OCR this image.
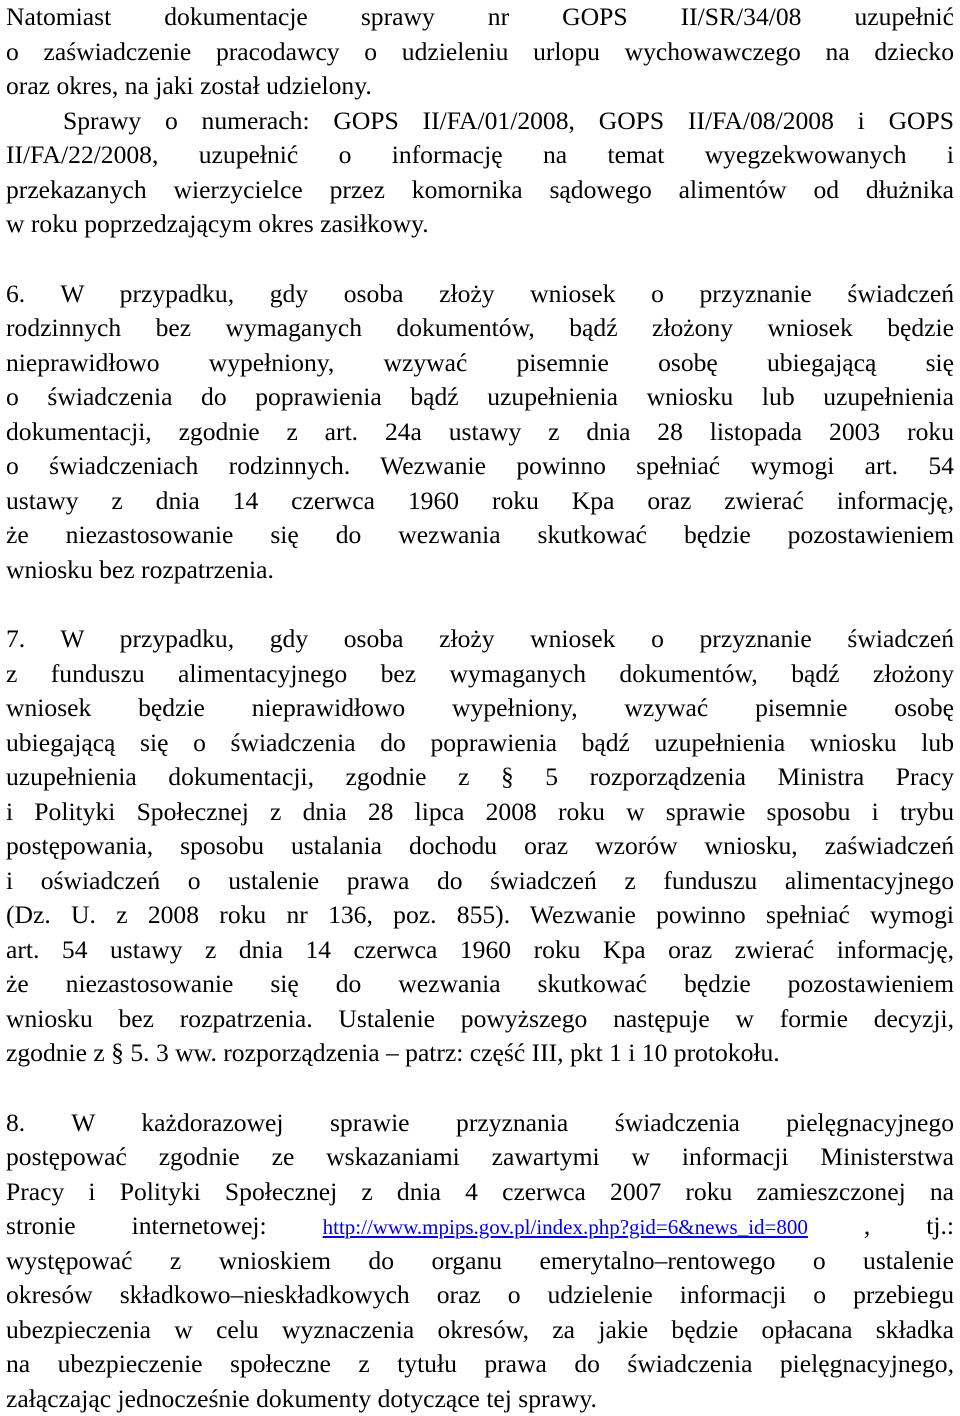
Natomiast dokumentacje sprawy nr GOPS II/SR/34/08 uzupełnić
o zaświadczenie pracodawcy o udzieleniu urlopu wychowawczego na dziecko
oraz okres, na jaki został udzielony.
Sprawy o numerach: GOPS II/FA/01/2008, GOPS II/FA/08/2008 i GOPS
II/FA/22/2008, uzupełnić o informację na temat wyegzekwowanych i
przekazanych wierzycielce przez komornika sądowego alimentów od dłużnika
w roku poprzedzającym okres zasiłkowy.
6. W przypadku, gdy osoba złoży wniosek o przyznanie świadczeń
rodzinnych bez wymaganych dokumentów, bądź złożony wniosek będzie
nieprawidłowo wypełniony, wzywać pisemnie osobę ubiegającą się
o świadczenia do poprawienia bądź uzupełnienia wniosku lub uzupełnienia
dokumentacji, zgodnie z art. 24a ustawy z dnia 28 listopada 2003 roku
o świadczeniach rodzinnych. Wezwanie powinno spełniać wymogi art. 54
ustawy z dnia 14 czerwca 1960 roku Kpa oraz zwierać informację,
że niezastosowanie się do wezwania skutkować będzie pozostawieniem
wniosku bez rozpatrzenia.
7. W przypadku, gdy osoba złoży wniosek o przyznanie świadczeń
z funduszu alimentacyjnego bez wymaganych dokumentów, bądź złożony
wniosek będzie nieprawidłowo wypełniony, wzywać pisemnie osobę
ubiegającą się o świadczenia do poprawienia bądź uzupełnienia wniosku lub
uzupełnienia dokumentacji, zgodnie z § 5 rozporządzenia Ministra Pracy
i Polityki Społecznej z dnia 28 lipca 2008 roku w sprawie sposobu i trybu
postępowania, sposobu ustalania dochodu oraz wzorów wniosku, zaświadczeń
i oświadczeń o ustalenie prawa do świadczeń z funduszu alimentacyjnego
(Dz. U. z 2008 roku nr 136, poz. 855). Wezwanie powinno spełniać wymogi
art. 54 ustawy z dnia 14 czerwca 1960 roku Kpa oraz zwierać informację,
że niezastosowanie się do wezwania skutkować będzie pozostawieniem
wniosku bez rozpatrzenia. Ustalenie powyższego następuje w formie decyzji,
zgodnie z § 5. 3 ww. rozporządzenia – patrz: część III, pkt 1 i 10 protokołu.
8. W każdorazowej sprawie przyznania świadczenia pielęgnacyjnego
postępować zgodnie ze wskazaniami zawartymi w informacji Ministerstwa
Pracy i Polityki Społecznej z dnia 4 czerwca 2007 roku zamieszczonej na
stronie internetowej: http://www.mpips.gov.pl/index.php?gid=6&news_id=800 , tj.:
występować z wnioskiem do organu emerytalno–rentowego o ustalenie
okresów składkowo–nieskładkowych oraz o udzielenie informacji o przebiegu
ubezpieczenia w celu wyznaczenia okresów, za jakie będzie opłacana składka
na ubezpieczenie społeczne z tytułu prawa do świadczenia pielęgnacyjnego,
załączając jednocześnie dokumenty dotyczące tej sprawy.
